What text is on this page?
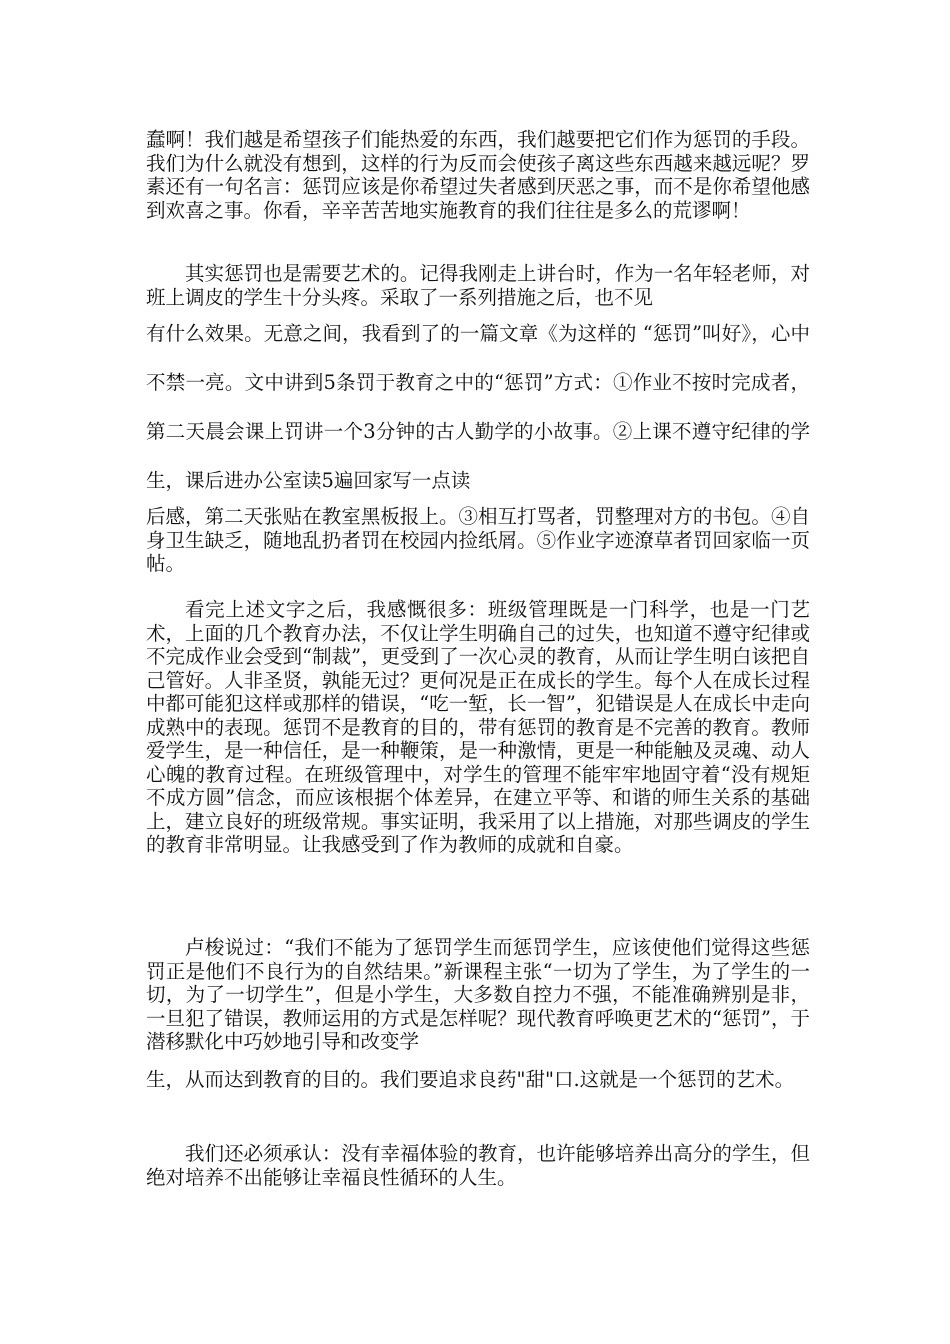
蠢啊！我们越是希望孩子们能热爱的东西，我们越要把它们作为惩罚的手段。我们为什么就没有想到，这样的行为反而会使孩子离这些东西越来越远呢？罗素还有一句名言：惩罚应该是你希望过失者感到厌恶之事，而不是你希望他感到欢喜之事。你看，辛辛苦苦地实施教育的我们往往是多么的荒谬啊！

其实惩罚也是需要艺术的。记得我刚走上讲台时，作为一名年轻老师，对班上调皮的学生十分头疼。采取了一系列措施之后，也不见
有什么效果。无意之间，我看到了的一篇文章《为这样的 “惩罚”叫好》，心中不禁一亮。文中讲到5条罚于教育之中的“惩罚”方式：①作业不按时完成者，第二天晨会课上罚讲一个3分钟的古人勤学的小故事。②上课不遵守纪律的学生，课后进办公室读5遍回家写一点读
后感，第二天张贴在教室黑板报上。③相互打骂者，罚整理对方的书包。④自身卫生缺乏，随地乱扔者罚在校园内捡纸屑。⑤作业字迹潦草者罚回家临一页帖。

看完上述文字之后，我感慨很多：班级管理既是一门科学，也是一门艺术，上面的几个教育办法，不仅让学生明确自己的过失，也知道不遵守纪律或不完成作业会受到“制裁”，更受到了一次心灵的教育，从而让学生明白该把自己管好。人非圣贤，孰能无过？更何况是正在成长的学生。每个人在成长过程中都可能犯这样或那样的错误，“吃一堑，长一智”，犯错误是人在成长中走向成熟中的表现。惩罚不是教育的目的，带有惩罚的教育是不完善的教育。教师爱学生，是一种信任，是一种鞭策，是一种激情，更是一种能触及灵魂、动人心魄的教育过程。在班级管理中，对学生的管理不能牢牢地固守着“没有规矩不成方圆”信念，而应该根据个体差异，在建立平等、和谐的师生关系的基础上，建立良好的班级常规。事实证明，我采用了以上措施，对那些调皮的学生的教育非常明显。让我感受到了作为教师的成就和自豪。

卢梭说过：“我们不能为了惩罚学生而惩罚学生，应该使他们觉得这些惩罚正是他们不良行为的自然结果。”新课程主张“一切为了学生，为了学生的一切，为了一切学生”，但是小学生，大多数自控力不强，不能准确辨别是非，一旦犯了错误，教师运用的方式是怎样呢？现代教育呼唤更艺术的“惩罚”，于潜移默化中巧妙地引导和改变学
生，从而达到教育的目的。我们要追求良药"甜"口.这就是一个惩罚的艺术。

我们还必须承认：没有幸福体验的教育，也许能够培养出高分的学生，但绝对培养不出能够让幸福良性循环的人生。
